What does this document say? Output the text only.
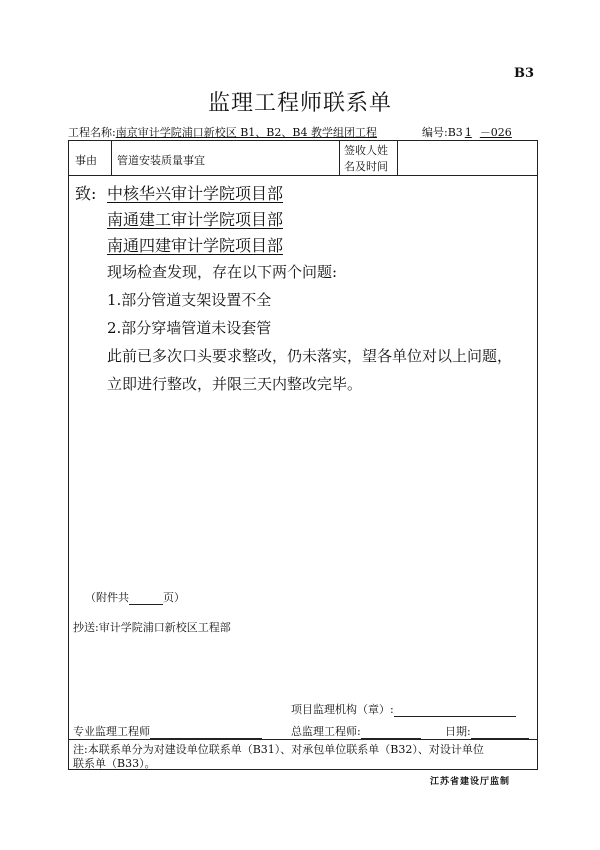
B3
监理工程师联系单
工程名称:南京审计学院浦口新校区 B1、B2、B4 教学组团工程	编号:B3 1 －026
事由 管道安装质量事宜
签收人姓
名及时间
致: 中核华兴审计学院项目部
南通建工审计学院项目部
南通四建审计学院项目部
现场检查发现，存在以下两个问题:
1.部分管道支架设置不全
2.部分穿墙管道未设套管
此前已多次口头要求整改，仍未落实，望各单位对以上问题，
立即进行整改，并限三天内整改完毕。
（附件共	页）
抄送:审计学院浦口新校区工程部
项目监理机构（章）:
专业监理工程师	总监理工程师:	日期:
注:本联系单分为对建设单位联系单（B31）、对承包单位联系单（B32）、对设计单位
联系单（B33）。
江苏省建设厅监制
